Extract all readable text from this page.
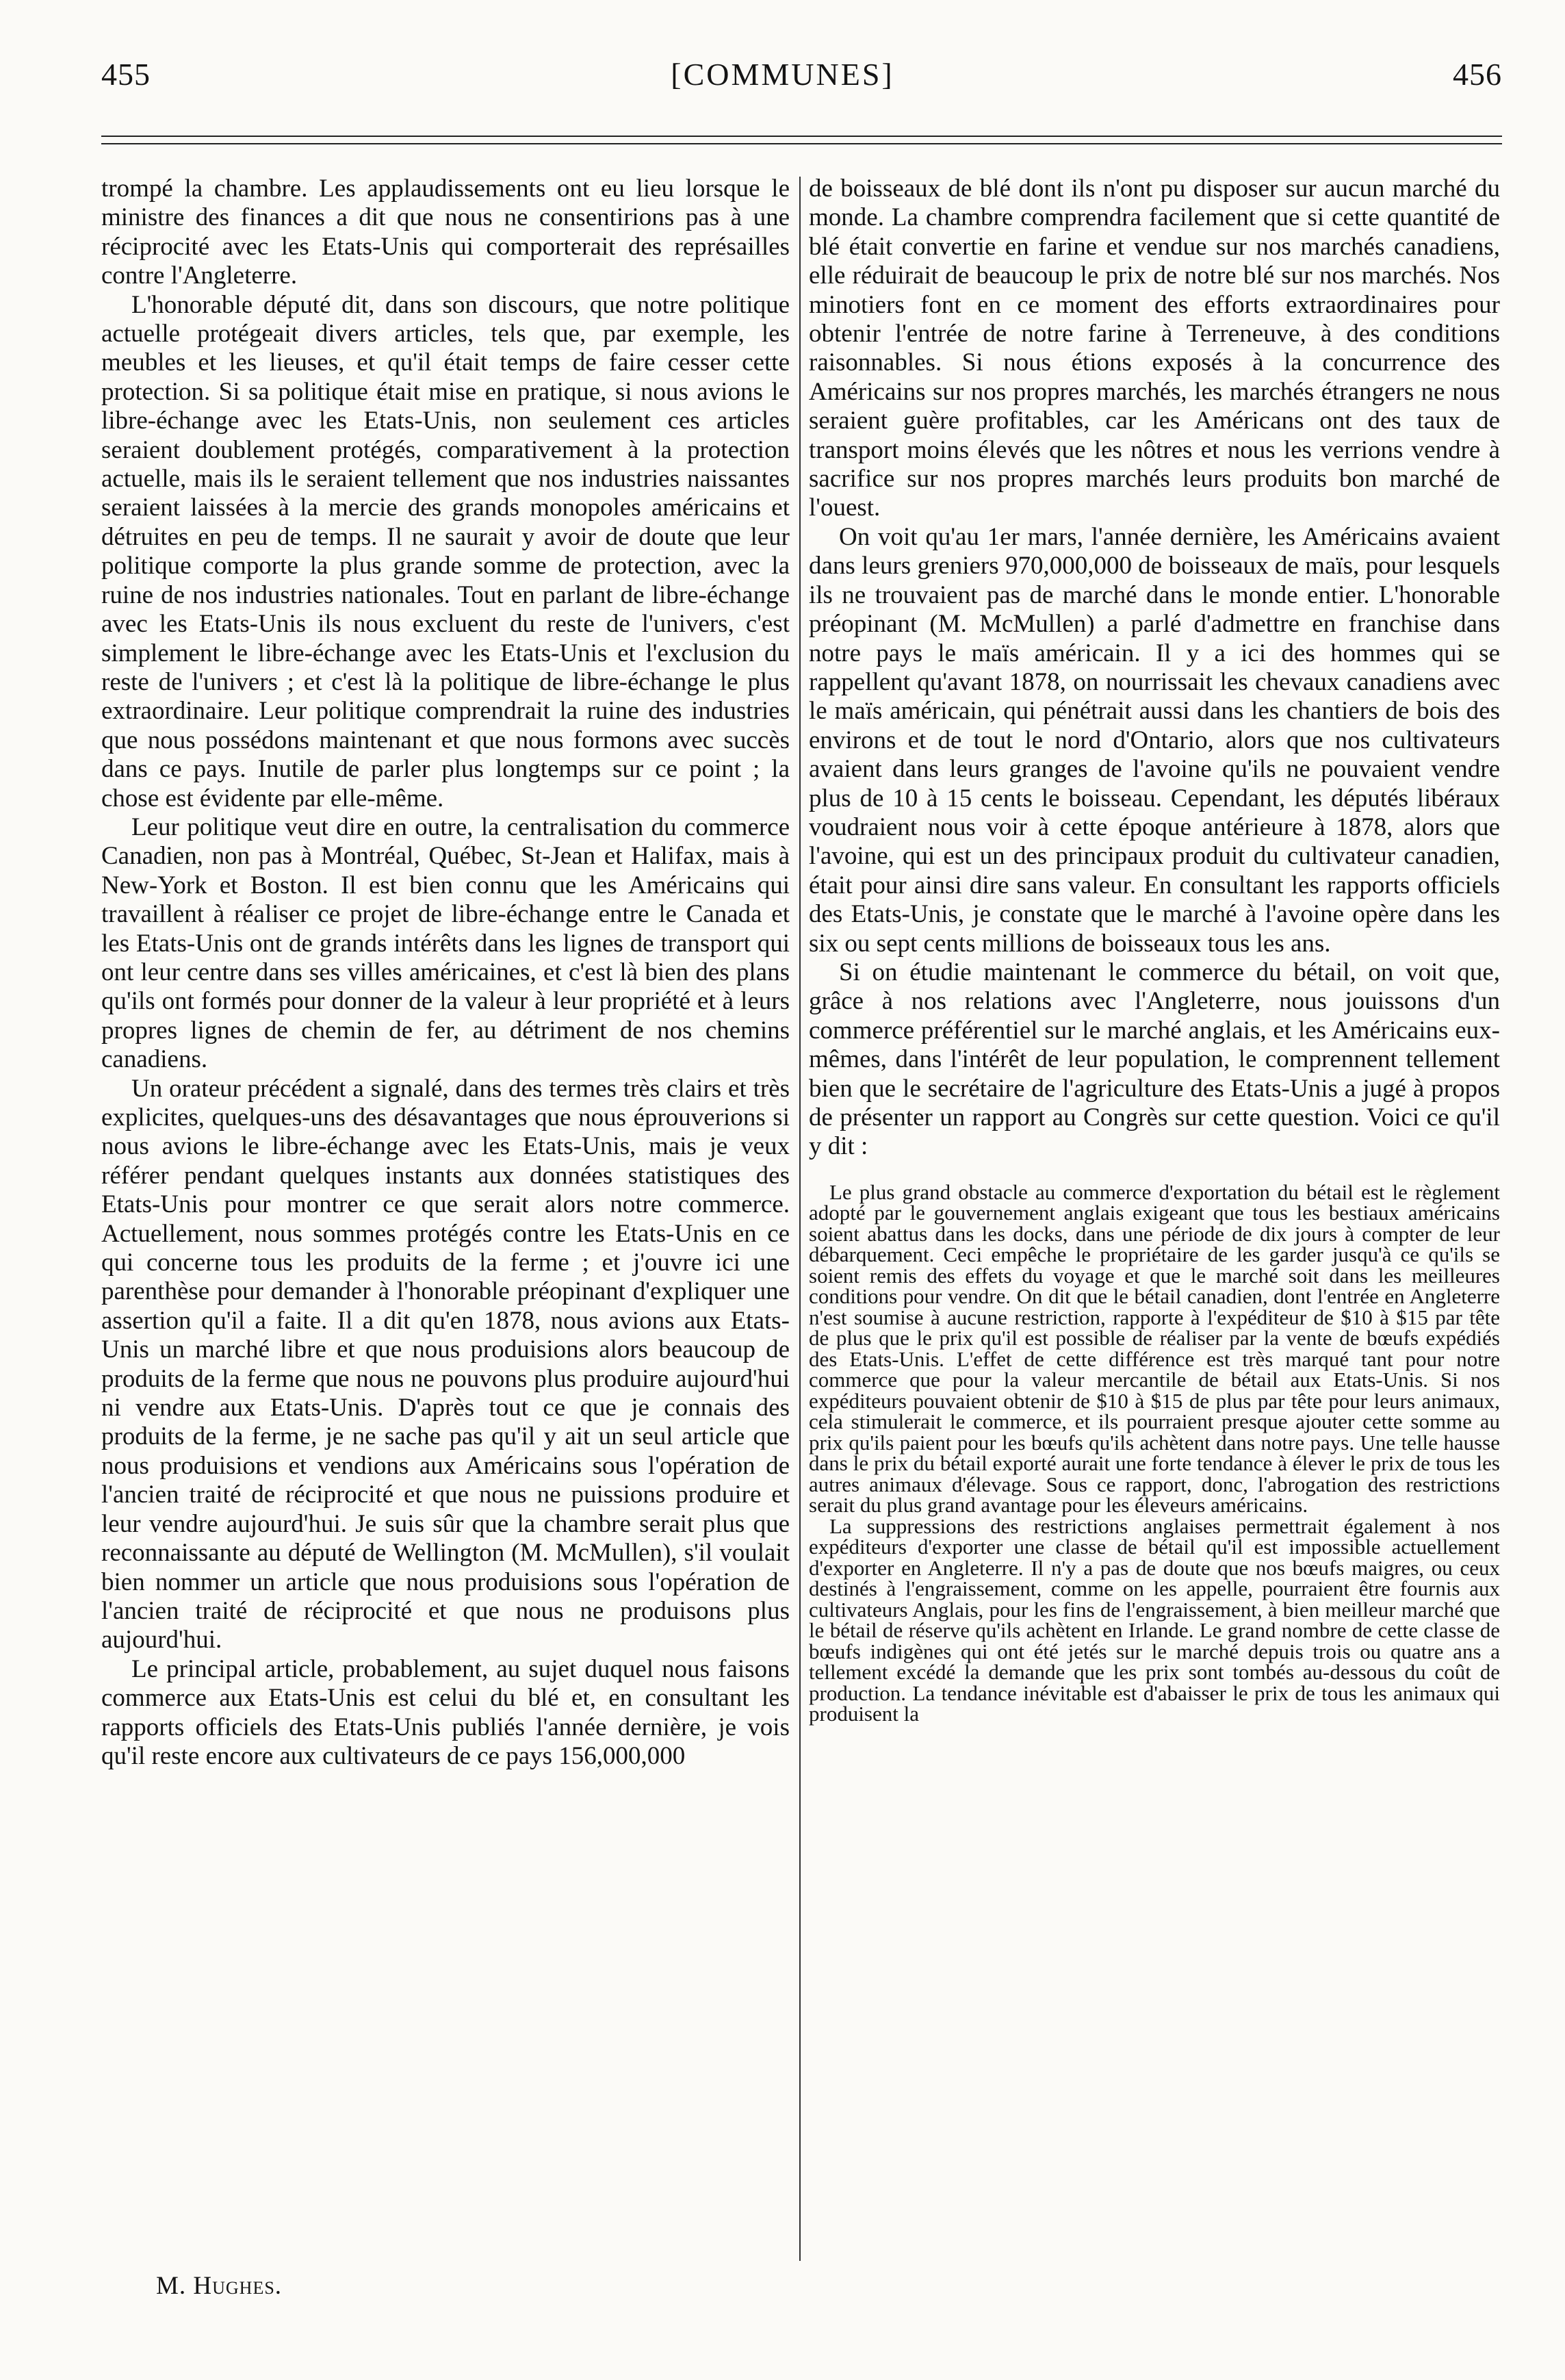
455	[COMMUNES]	456

trompé la chambre. Les applaudissements ont eu lieu lorsque le ministre des finances a dit que nous ne consentirions pas à une réciprocité avec les Etats-Unis qui comporterait des représailles contre l'Angleterre.

L'honorable député dit, dans son discours, que notre politique actuelle protégeait divers articles, tels que, par exemple, les meubles et les lieuses, et qu'il était temps de faire cesser cette protection. Si sa politique était mise en pratique, si nous avions le libre-échange avec les Etats-Unis, non seulement ces articles seraient doublement protégés, comparativement à la protection actuelle, mais ils le seraient tellement que nos industries naissantes seraient laissées à la mercie des grands monopoles américains et détruites en peu de temps. Il ne saurait y avoir de doute que leur politique comporte la plus grande somme de protection, avec la ruine de nos industries nationales. Tout en parlant de libre-échange avec les Etats-Unis ils nous excluent du reste de l'univers, c'est simplement le libre-échange avec les Etats-Unis et l'exclusion du reste de l'univers ; et c'est là la politique de libre-échange le plus extraordinaire. Leur politique comprendrait la ruine des industries que nous possédons maintenant et que nous formons avec succès dans ce pays. Inutile de parler plus longtemps sur ce point ; la chose est évidente par elle-même.

Leur politique veut dire en outre, la centralisation du commerce Canadien, non pas à Montréal, Québec, St-Jean et Halifax, mais à New-York et Boston. Il est bien connu que les Américains qui travaillent à réaliser ce projet de libre-échange entre le Canada et les Etats-Unis ont de grands intérêts dans les lignes de transport qui ont leur centre dans ses villes américaines, et c'est là bien des plans qu'ils ont formés pour donner de la valeur à leur propriété et à leurs propres lignes de chemin de fer, au détriment de nos chemins canadiens.

Un orateur précédent a signalé, dans des termes très clairs et très explicites, quelques-uns des désavantages que nous éprouverions si nous avions le libre-échange avec les Etats-Unis, mais je veux référer pendant quelques instants aux données statistiques des Etats-Unis pour montrer ce que serait alors notre commerce. Actuellement, nous sommes protégés contre les Etats-Unis en ce qui concerne tous les produits de la ferme ; et j'ouvre ici une parenthèse pour demander à l'honorable préopinant d'expliquer une assertion qu'il a faite. Il a dit qu'en 1878, nous avions aux Etats-Unis un marché libre et que nous produisions alors beaucoup de produits de la ferme que nous ne pouvons plus produire aujourd'hui ni vendre aux Etats-Unis. D'après tout ce que je connais des produits de la ferme, je ne sache pas qu'il y ait un seul article que nous produisions et vendions aux Américains sous l'opération de l'ancien traité de réciprocité et que nous ne puissions produire et leur vendre aujourd'hui. Je suis sûr que la chambre serait plus que reconnaissante au député de Wellington (M. McMullen), s'il voulait bien nommer un article que nous produisions sous l'opération de l'ancien traité de réciprocité et que nous ne produisons plus aujourd'hui.

Le principal article, probablement, au sujet duquel nous faisons commerce aux Etats-Unis est celui du blé et, en consultant les rapports officiels des Etats-Unis publiés l'année dernière, je vois qu'il reste encore aux cultivateurs de ce pays 156,000,000

M. Hughes.

de boisseaux de blé dont ils n'ont pu disposer sur aucun marché du monde. La chambre comprendra facilement que si cette quantité de blé était convertie en farine et vendue sur nos marchés canadiens, elle réduirait de beaucoup le prix de notre blé sur nos marchés. Nos minotiers font en ce moment des efforts extraordinaires pour obtenir l'entrée de notre farine à Terreneuve, à des conditions raisonnables. Si nous étions exposés à la concurrence des Américains sur nos propres marchés, les marchés étrangers ne nous seraient guère profitables, car les Américans ont des taux de transport moins élevés que les nôtres et nous les verrions vendre à sacrifice sur nos propres marchés leurs produits bon marché de l'ouest.

On voit qu'au 1er mars, l'année dernière, les Américains avaient dans leurs greniers 970,000,000 de boisseaux de maïs, pour lesquels ils ne trouvaient pas de marché dans le monde entier. L'honorable préopinant (M. McMullen) a parlé d'admettre en franchise dans notre pays le maïs américain. Il y a ici des hommes qui se rappellent qu'avant 1878, on nourrissait les chevaux canadiens avec le maïs américain, qui pénétrait aussi dans les chantiers de bois des environs et de tout le nord d'Ontario, alors que nos cultivateurs avaient dans leurs granges de l'avoine qu'ils ne pouvaient vendre plus de 10 à 15 cents le boisseau. Cependant, les députés libéraux voudraient nous voir à cette époque antérieure à 1878, alors que l'avoine, qui est un des principaux produit du cultivateur canadien, était pour ainsi dire sans valeur. En consultant les rapports officiels des Etats-Unis, je constate que le marché à l'avoine opère dans les six ou sept cents millions de boisseaux tous les ans.

Si on étudie maintenant le commerce du bétail, on voit que, grâce à nos relations avec l'Angleterre, nous jouissons d'un commerce préférentiel sur le marché anglais, et les Américains eux-mêmes, dans l'intérêt de leur population, le comprennent tellement bien que le secrétaire de l'agriculture des Etats-Unis a jugé à propos de présenter un rapport au Congrès sur cette question. Voici ce qu'il y dit :

Le plus grand obstacle au commerce d'exportation du bétail est le règlement adopté par le gouvernement anglais exigeant que tous les bestiaux américains soient abattus dans les docks, dans une période de dix jours à compter de leur débarquement. Ceci empêche le propriétaire de les garder jusqu'à ce qu'ils se soient remis des effets du voyage et que le marché soit dans les meilleures conditions pour vendre. On dit que le bétail canadien, dont l'entrée en Angleterre n'est soumise à aucune restriction, rapporte à l'expéditeur de $10 à $15 par tête de plus que le prix qu'il est possible de réaliser par la vente de bœufs expédiés des Etats-Unis. L'effet de cette différence est très marqué tant pour notre commerce que pour la valeur mercantile de bétail aux Etats-Unis. Si nos expéditeurs pouvaient obtenir de $10 à $15 de plus par tête pour leurs animaux, cela stimulerait le commerce, et ils pourraient presque ajouter cette somme au prix qu'ils paient pour les bœufs qu'ils achètent dans notre pays. Une telle hausse dans le prix du bétail exporté aurait une forte tendance à élever le prix de tous les autres animaux d'élevage. Sous ce rapport, donc, l'abrogation des restrictions serait du plus grand avantage pour les éleveurs américains.

La suppressions des restrictions anglaises permettrait également à nos expéditeurs d'exporter une classe de bétail qu'il est impossible actuellement d'exporter en Angleterre. Il n'y a pas de doute que nos bœufs maigres, ou ceux destinés à l'engraissement, comme on les appelle, pourraient être fournis aux cultivateurs Anglais, pour les fins de l'engraissement, à bien meilleur marché que le bétail de réserve qu'ils achètent en Irlande. Le grand nombre de cette classe de bœufs indigènes qui ont été jetés sur le marché depuis trois ou quatre ans a tellement excédé la demande que les prix sont tombés au-dessous du coût de production. La tendance inévitable est d'abaisser le prix de tous les animaux qui produisent la
